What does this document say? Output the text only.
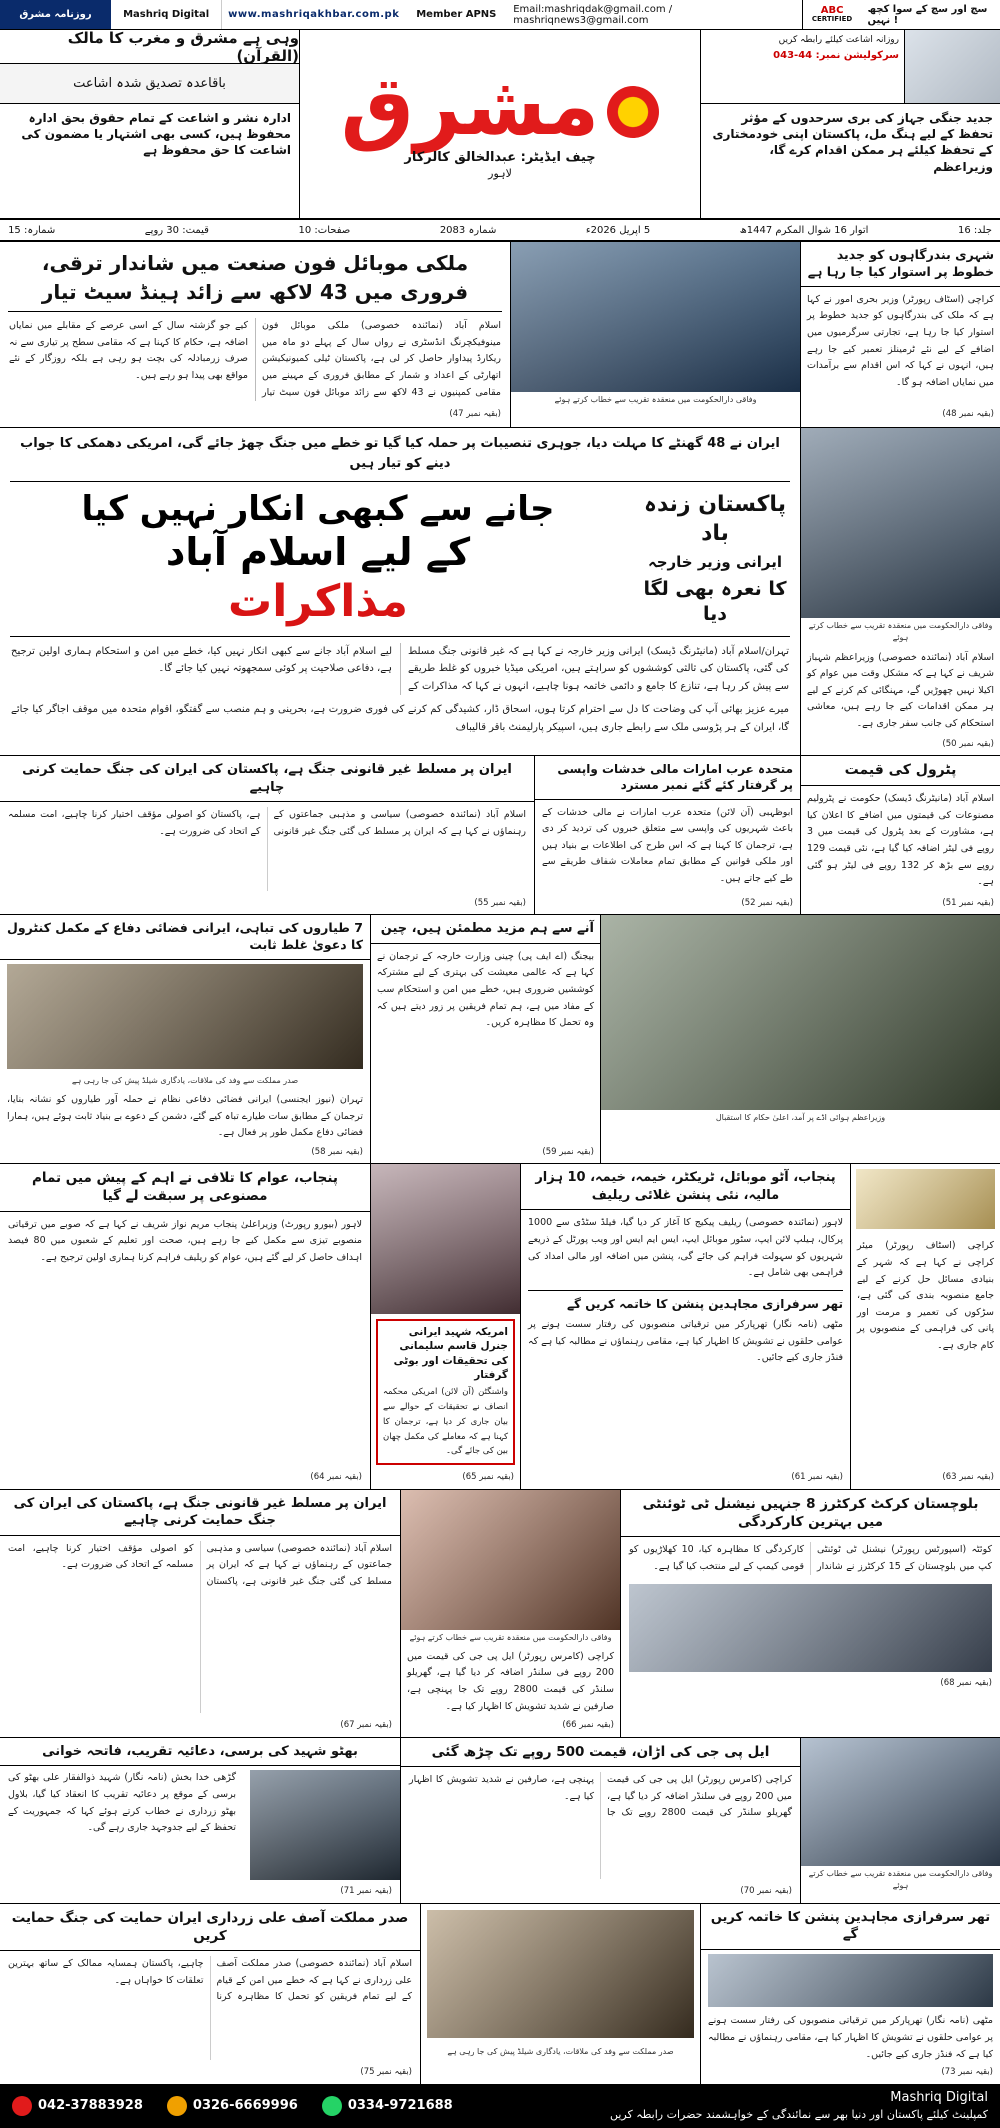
روزنامہ مشرق	Mashriq Digital	www.mashriqakhbar.com.pk	Member APNS	Email:mashriqdak@gmail.com / mashriqnews3@gmail.com
ABC
CERTIFIED
سچ اور سچ کے سوا کچھ نہیں !
روزانہ اشاعت کیلئے رابطہ کریں
سرکولیشن نمبر: 44-043
جدید جنگی جہاز کی بری سرحدوں کے مؤثر تحفظ کے لیے ہنگ مل، پاکستان اپنی خودمختاری کے تحفظ کیلئے ہر ممکن اقدام کرے گا، وزیراعظم
مشرق
چیف ایڈیٹر: عبدالخالق کالرکار
لاہور
وہی ہے مشرق و مغرب کا مالک (القرآن)
باقاعدہ تصدیق شدہ اشاعت
ادارہ نشر و اشاعت کے تمام حقوق بحق ادارہ محفوظ ہیں، کسی بھی اشتہار یا مضمون کی اشاعت کا حق محفوظ ہے
جلد: 16
اتوار 16 شوال المکرم 1447ھ
5 اپریل 2026ء
شمارہ 2083
صفحات: 10
قیمت: 30 روپے
شمارہ: 15
شہری بندرگاہوں کو جدید خطوط پر استوار کیا جا رہا ہے
کراچی (اسٹاف رپورٹر) وزیر بحری امور نے کہا ہے کہ ملک کی بندرگاہوں کو جدید خطوط پر استوار کیا جا رہا ہے، تجارتی سرگرمیوں میں اضافے کے لیے نئے ٹرمینلز تعمیر کیے جا رہے ہیں، انہوں نے کہا کہ اس اقدام سے برآمدات میں نمایاں اضافہ ہو گا۔
(بقیہ نمبر 48)
وفاقی دارالحکومت میں منعقدہ تقریب سے خطاب کرتے ہوئے
ملکی موبائل فون صنعت میں شاندار ترقی، فروری میں 43 لاکھ سے زائد ہینڈ سیٹ تیار
اسلام آباد (نمائندہ خصوصی) ملکی موبائل فون مینوفیکچرنگ انڈسٹری نے رواں سال کے پہلے دو ماہ میں ریکارڈ پیداوار حاصل کر لی ہے، پاکستان ٹیلی کمیونیکیشن اتھارٹی کے اعداد و شمار کے مطابق فروری کے مہینے میں مقامی کمپنیوں نے 43 لاکھ سے زائد موبائل فون سیٹ تیار کیے جو گزشتہ سال کے اسی عرصے کے مقابلے میں نمایاں اضافہ ہے، حکام کا کہنا ہے کہ مقامی سطح پر تیاری سے نہ صرف زرمبادلہ کی بچت ہو رہی ہے بلکہ روزگار کے نئے مواقع بھی پیدا ہو رہے ہیں۔
(بقیہ نمبر 47)
وفاقی دارالحکومت میں منعقدہ تقریب سے خطاب کرتے ہوئے
اسلام آباد (نمائندہ خصوصی) وزیراعظم شہباز شریف نے کہا ہے کہ مشکل وقت میں عوام کو اکیلا نہیں چھوڑیں گے، مہنگائی کم کرنے کے لیے ہر ممکن اقدامات کیے جا رہے ہیں، معاشی استحکام کی جانب سفر جاری ہے۔
(بقیہ نمبر 50)
ایران نے 48 گھنٹے کا مہلت دیا، جوہری تنصیبات پر حملہ کیا گیا تو خطے میں جنگ چھڑ جائے گی، امریکی دھمکی کا جواب دینے کو تیار ہیں
پاکستان زندہ باد
ایرانی وزیر خارجہ
کا نعرہ بھی لگا دیا
جانے سے کبھی انکار نہیں کیا
کے لیے اسلام آباد
مذاکرات
تہران/اسلام آباد (مانیٹرنگ ڈیسک) ایرانی وزیر خارجہ نے کہا ہے کہ غیر قانونی جنگ مسلط کی گئی، پاکستان کی ثالثی کوششوں کو سراہتے ہیں، امریکی میڈیا خبروں کو غلط طریقے سے پیش کر رہا ہے، تنازع کا جامع و دائمی خاتمہ ہونا چاہیے، انہوں نے کہا کہ مذاکرات کے لیے اسلام آباد جانے سے کبھی انکار نہیں کیا، خطے میں امن و استحکام ہماری اولین ترجیح ہے، دفاعی صلاحیت پر کوئی سمجھوتہ نہیں کیا جائے گا۔
میرے عزیز بھائی آپ کی وضاحت کا دل سے احترام کرتا ہوں، اسحاق ڈار، کشیدگی کم کرنے کی فوری ضرورت ہے، بحرینی و ہم منصب سے گفتگو، اقوام متحدہ میں موقف اجاگر کیا جائے گا، ایران کے ہر پڑوسی ملک سے رابطے جاری ہیں، اسپیکر پارلیمنٹ باقر قالیباف
پٹرول کی قیمت
اسلام آباد (مانیٹرنگ ڈیسک) حکومت نے پٹرولیم مصنوعات کی قیمتوں میں اضافے کا اعلان کیا ہے، مشاورت کے بعد پٹرول کی قیمت میں 3 روپے فی لیٹر اضافہ کیا گیا ہے، نئی قیمت 129 روپے سے بڑھ کر 132 روپے فی لیٹر ہو گئی ہے۔
(بقیہ نمبر 51)
متحدہ عرب امارات مالی خدشات واپسی پر گرفتار کئے گئے نمبر مسترد
ابوظہبی (آن لائن) متحدہ عرب امارات نے مالی خدشات کے باعث شہریوں کی واپسی سے متعلق خبروں کی تردید کر دی ہے، ترجمان کا کہنا ہے کہ اس طرح کی اطلاعات بے بنیاد ہیں اور ملکی قوانین کے مطابق تمام معاملات شفاف طریقے سے طے کیے جاتے ہیں۔
(بقیہ نمبر 52)
ایران پر مسلط غیر قانونی جنگ ہے، پاکستان کی ایران کی جنگ حمایت کرنی چاہیے
اسلام آباد (نمائندہ خصوصی) سیاسی و مذہبی جماعتوں کے رہنماؤں نے کہا ہے کہ ایران پر مسلط کی گئی جنگ غیر قانونی ہے، پاکستان کو اصولی مؤقف اختیار کرنا چاہیے، امت مسلمہ کے اتحاد کی ضرورت ہے۔
(بقیہ نمبر 55)
وزیراعظم ہوائی اڈے پر آمد، اعلیٰ حکام کا استقبال
آنے سے ہم مزید مطمئن ہیں، چین
بیجنگ (اے ایف پی) چینی وزارت خارجہ کے ترجمان نے کہا ہے کہ عالمی معیشت کی بہتری کے لیے مشترکہ کوششیں ضروری ہیں، خطے میں امن و استحکام سب کے مفاد میں ہے، ہم تمام فریقین پر زور دیتے ہیں کہ وہ تحمل کا مظاہرہ کریں۔
(بقیہ نمبر 59)
7 طیاروں کی تباہی، ایرانی فضائی دفاع کے مکمل کنٹرول کا دعویٰ غلط ثابت
صدر مملکت سے وفد کی ملاقات، یادگاری شیلڈ پیش کی جا رہی ہے
تہران (نیوز ایجنسی) ایرانی فضائی دفاعی نظام نے حملہ آور طیاروں کو نشانہ بنایا، ترجمان کے مطابق سات طیارے تباہ کیے گئے، دشمن کے دعوے بے بنیاد ثابت ہوئے ہیں، ہمارا فضائی دفاع مکمل طور پر فعال ہے۔
(بقیہ نمبر 58)
کراچی (اسٹاف رپورٹر) میئر کراچی نے کہا ہے کہ شہر کے بنیادی مسائل حل کرنے کے لیے جامع منصوبہ بندی کی گئی ہے، سڑکوں کی تعمیر و مرمت اور پانی کی فراہمی کے منصوبوں پر کام جاری ہے۔
(بقیہ نمبر 63)
پنجاب، آٹو موبائل، ٹریکٹر، خیمہ، خیمہ، 10 ہزار مالیہ، نئی پنشن غلائی ریلیف
لاہور (نمائندہ خصوصی) ریلیف پیکیج کا آغاز کر دیا گیا، فیلڈ سٹڈی سے 1000 پرکال، ہیلپ لائن ایپ، سٹور موبائل ایپ، ایس ایم ایس اور ویب پورٹل کے ذریعے شہریوں کو سہولت فراہم کی جائے گی، پنشن میں اضافہ اور مالی امداد کی فراہمی بھی شامل ہے۔
تھر سرفرازی مجاہدین پنشن کا خاتمہ کریں گے
مٹھی (نامہ نگار) تھرپارکر میں ترقیاتی منصوبوں کی رفتار سست ہونے پر عوامی حلقوں نے تشویش کا اظہار کیا ہے، مقامی رہنماؤں نے مطالبہ کیا ہے کہ فنڈز جاری کیے جائیں۔
(بقیہ نمبر 61)
امریکہ شہید ایرانی جنرل قاسم سلیمانی کی تحقیقات اور بوٹی گرفتار
واشنگٹن (آن لائن) امریکی محکمہ انصاف نے تحقیقات کے حوالے سے بیان جاری کر دیا ہے، ترجمان کا کہنا ہے کہ معاملے کی مکمل چھان بین کی جائے گی۔
(بقیہ نمبر 65)
پنجاب، عوام کا تلافی نے اہم کے پیش میں تمام مصنوعی پر سبقت لے گیا
لاہور (بیورو رپورٹ) وزیراعلیٰ پنجاب مریم نواز شریف نے کہا ہے کہ صوبے میں ترقیاتی منصوبے تیزی سے مکمل کیے جا رہے ہیں، صحت اور تعلیم کے شعبوں میں 80 فیصد اہداف حاصل کر لیے گئے ہیں، عوام کو ریلیف فراہم کرنا ہماری اولین ترجیح ہے۔
(بقیہ نمبر 64)
بلوچستان کرکٹ کرکٹرز 8 جنہیں نیشنل ٹی ٹوئنٹی میں بہترین کارکردگی
کوئٹہ (اسپورٹس رپورٹر) نیشنل ٹی ٹوئنٹی کپ میں بلوچستان کے 15 کرکٹرز نے شاندار کارکردگی کا مظاہرہ کیا، 10 کھلاڑیوں کو قومی کیمپ کے لیے منتخب کیا گیا ہے۔
(بقیہ نمبر 68)
وفاقی دارالحکومت میں منعقدہ تقریب سے خطاب کرتے ہوئے
کراچی (کامرس رپورٹر) ایل پی جی کی قیمت میں 200 روپے فی سلنڈر اضافہ کر دیا گیا ہے، گھریلو سلنڈر کی قیمت 2800 روپے تک جا پہنچی ہے، صارفین نے شدید تشویش کا اظہار کیا ہے۔
(بقیہ نمبر 66)
ایران پر مسلط غیر قانونی جنگ ہے، پاکستان کی ایران کی جنگ حمایت کرنی چاہیے
اسلام آباد (نمائندہ خصوصی) سیاسی و مذہبی جماعتوں کے رہنماؤں نے کہا ہے کہ ایران پر مسلط کی گئی جنگ غیر قانونی ہے، پاکستان کو اصولی مؤقف اختیار کرنا چاہیے، امت مسلمہ کے اتحاد کی ضرورت ہے۔
(بقیہ نمبر 67)
وفاقی دارالحکومت میں منعقدہ تقریب سے خطاب کرتے ہوئے
ایل پی جی کی اڑان، قیمت 500 روپے تک چڑھ گئی
کراچی (کامرس رپورٹر) ایل پی جی کی قیمت میں 200 روپے فی سلنڈر اضافہ کر دیا گیا ہے، گھریلو سلنڈر کی قیمت 2800 روپے تک جا پہنچی ہے، صارفین نے شدید تشویش کا اظہار کیا ہے۔
(بقیہ نمبر 70)
بھٹو شہید کی برسی، دعائیہ تقریب، فاتحہ خوانی
گڑھی خدا بخش (نامہ نگار) شہید ذوالفقار علی بھٹو کی برسی کے موقع پر دعائیہ تقریب کا انعقاد کیا گیا، بلاول بھٹو زرداری نے خطاب کرتے ہوئے کہا کہ جمہوریت کے تحفظ کے لیے جدوجہد جاری رہے گی۔
(بقیہ نمبر 71)
تھر سرفرازی مجاہدین پنشن کا خاتمہ کریں گے
مٹھی (نامہ نگار) تھرپارکر میں ترقیاتی منصوبوں کی رفتار سست ہونے پر عوامی حلقوں نے تشویش کا اظہار کیا ہے، مقامی رہنماؤں نے مطالبہ کیا ہے کہ فنڈز جاری کیے جائیں۔
(بقیہ نمبر 73)
صدر مملکت سے وفد کی ملاقات، یادگاری شیلڈ پیش کی جا رہی ہے
صدر مملکت آصف علی زرداری ایران حمایت کی جنگ حمایت کریں
اسلام آباد (نمائندہ خصوصی) صدر مملکت آصف علی زرداری نے کہا ہے کہ خطے میں امن کے قیام کے لیے تمام فریقین کو تحمل کا مظاہرہ کرنا چاہیے، پاکستان ہمسایہ ممالک کے ساتھ بہترین تعلقات کا خواہاں ہے۔
(بقیہ نمبر 75)
042-37883928	0326-6669996	0334-9721688
Mashriq Digital
کمپلینٹ کیلئے پاکستان اور دنیا بھر سے نمائندگی کے خواہشمند حضرات رابطہ کریں
